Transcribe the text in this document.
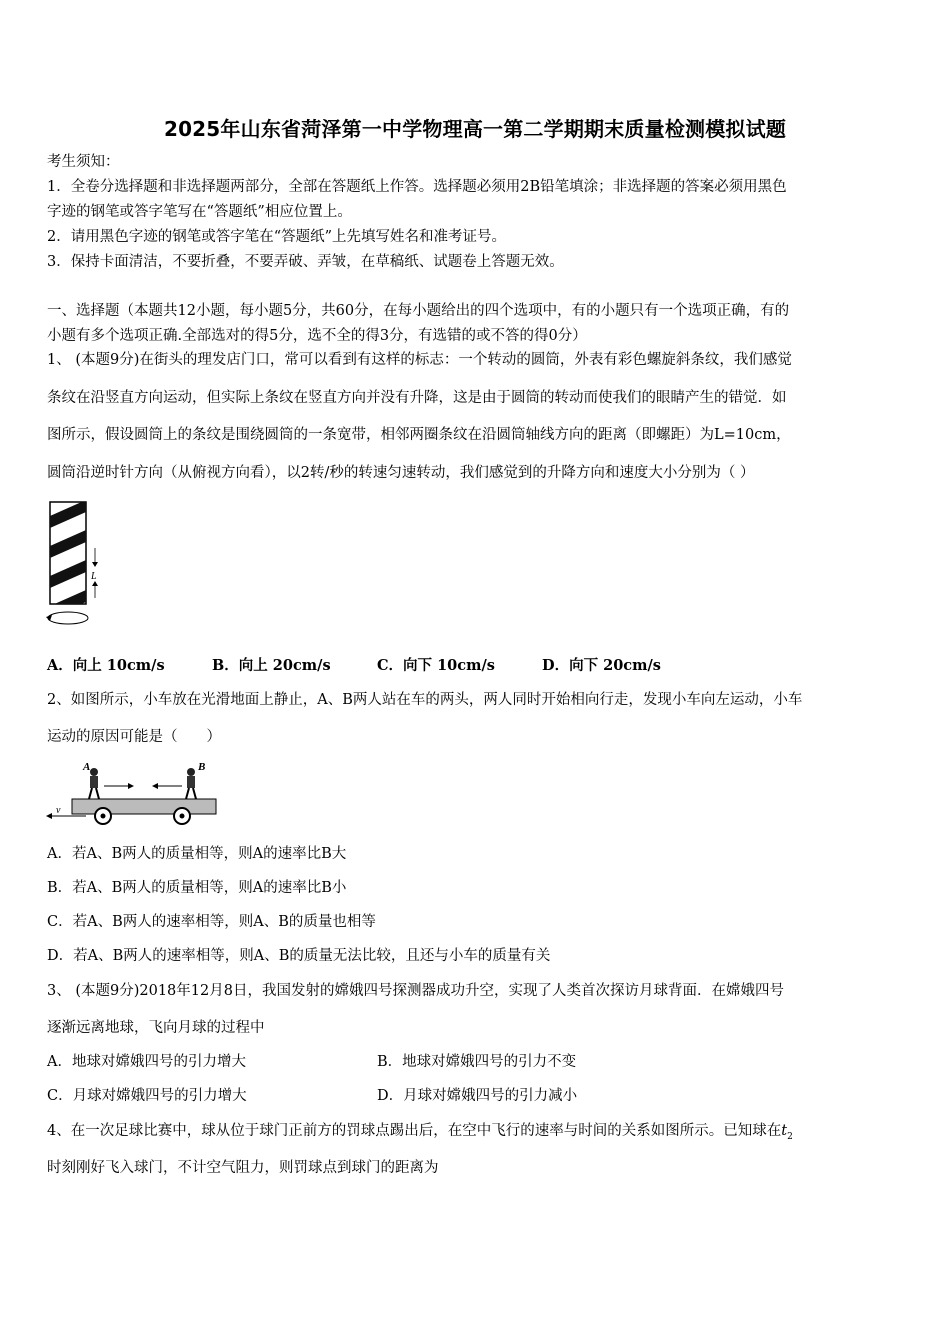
2025年山东省菏泽第一中学物理高一第二学期期末质量检测模拟试题
考生须知：
1．全卷分选择题和非选择题两部分，全部在答题纸上作答。选择题必须用2B铅笔填涂；非选择题的答案必须用黑色
字迹的钢笔或答字笔写在“答题纸”相应位置上。
2．请用黑色字迹的钢笔或答字笔在“答题纸”上先填写姓名和准考证号。
3．保持卡面清洁，不要折叠，不要弄破、弄皱，在草稿纸、试题卷上答题无效。
一、选择题（本题共12小题，每小题5分，共60分，在每小题给出的四个选项中，有的小题只有一个选项正确，有的
小题有多个选项正确.全部选对的得5分，选不全的得3分，有选错的或不答的得0分）
1、 (本题9分)在街头的理发店门口，常可以看到有这样的标志：一个转动的圆筒，外表有彩色螺旋斜条纹，我们感觉
条纹在沿竖直方向运动，但实际上条纹在竖直方向并没有升降，这是由于圆筒的转动而使我们的眼睛产生的错觉．如
图所示，假设圆筒上的条纹是围绕圆筒的一条宽带，相邻两圈条纹在沿圆筒轴线方向的距离（即螺距）为L=10cm，
圆筒沿逆时针方向（从俯视方向看），以2转/秒的转速匀速转动，我们感觉到的升降方向和速度大小分别为（ ）
L
A．向上 10cm/s	B．向上 20cm/s	C．向下 10cm/s	D．向下 20cm/s
2、如图所示，小车放在光滑地面上静止，A、B两人站在车的两头，两人同时开始相向行走，发现小车向左运动，小车
运动的原因可能是（　　）
A	B
v
A．若A、B两人的质量相等，则A的速率比B大
B．若A、B两人的质量相等，则A的速率比B小
C．若A、B两人的速率相等，则A、B的质量也相等
D．若A、B两人的速率相等，则A、B的质量无法比较，且还与小车的质量有关
3、 (本题9分)2018年12月8日，我国发射的嫦娥四号探测器成功升空，实现了人类首次探访月球背面．在嫦娥四号
逐渐远离地球，飞向月球的过程中
A．地球对嫦娥四号的引力增大	B．地球对嫦娥四号的引力不变
C．月球对嫦娥四号的引力增大	D．月球对嫦娥四号的引力减小
4、在一次足球比赛中，球从位于球门正前方的罚球点踢出后，在空中飞行的速率与时间的关系如图所示。已知球在$t_2$
时刻刚好飞入球门，不计空气阻力，则罚球点到球门的距离为
